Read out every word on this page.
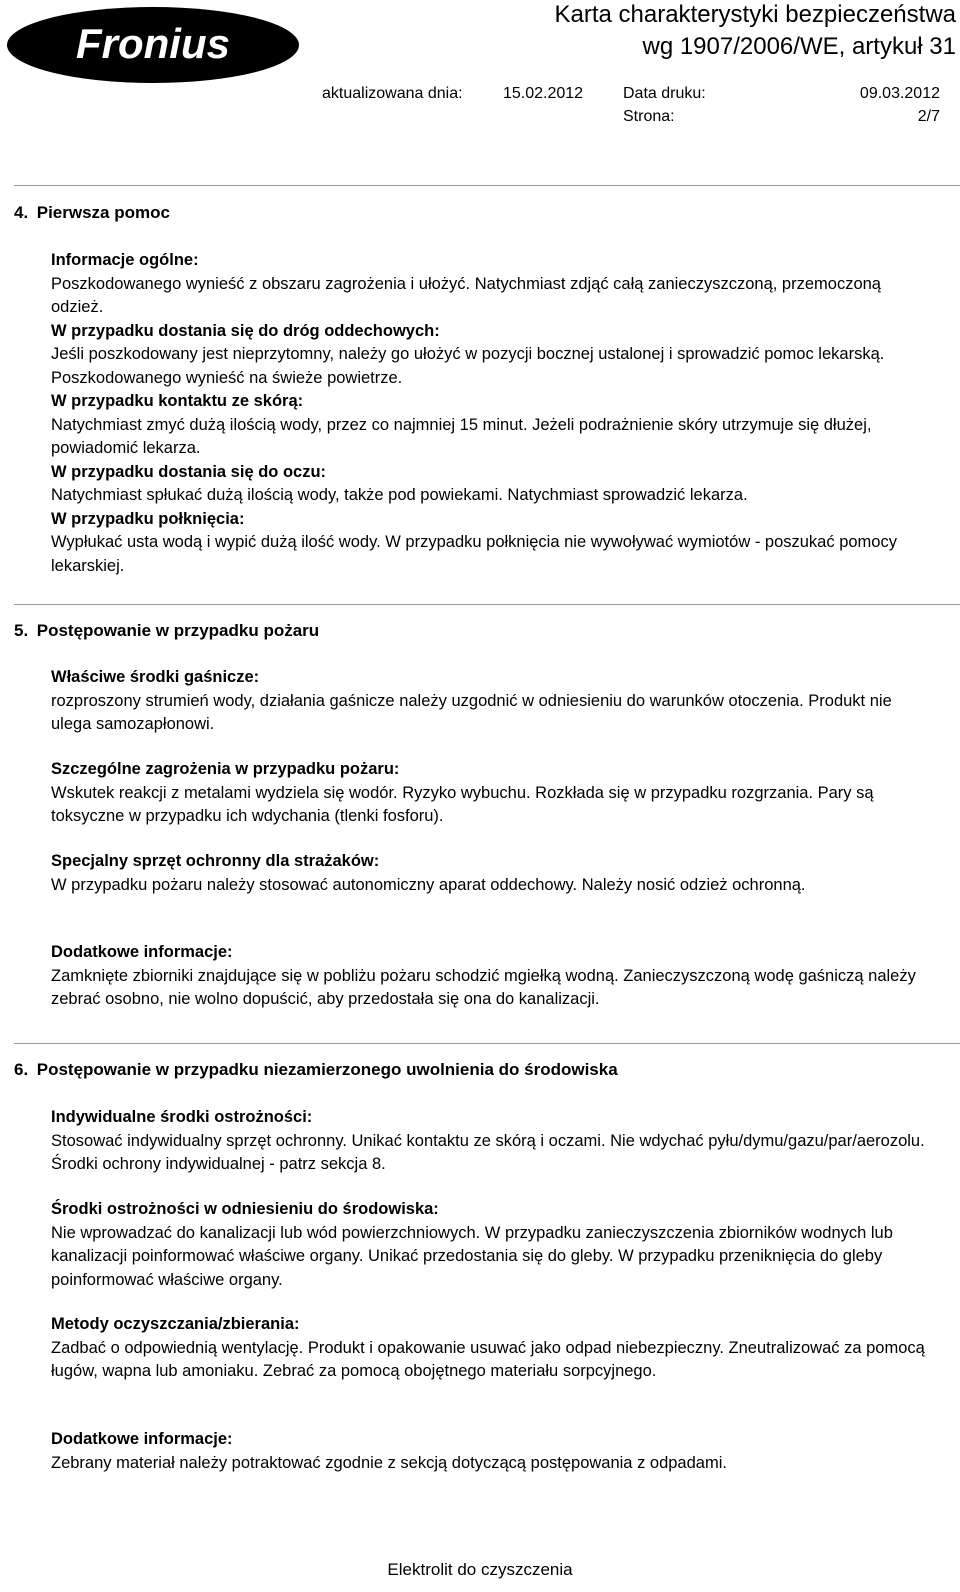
Fronius
Karta charakterystyki bezpieczeństwa
wg 1907/2006/WE, artykuł 31
aktualizowana dnia:	15.02.2012 Data druku:	09.03.2012
Strona:	2/7
4. Pierwsza pomoc

Informacje ogólne:

Poszkodowanego wynieść z obszaru zagrożenia i ułożyć. Natychmiast zdjąć całą zanieczyszczoną, przemoczoną odzież.

W przypadku dostania się do dróg oddechowych:

Jeśli poszkodowany jest nieprzytomny, należy go ułożyć w pozycji bocznej ustalonej i sprowadzić pomoc lekarską. Poszkodowanego wynieść na świeże powietrze.

W przypadku kontaktu ze skórą:

Natychmiast zmyć dużą ilością wody, przez co najmniej 15 minut. Jeżeli podrażnienie skóry utrzymuje się dłużej, powiadomić lekarza.

W przypadku dostania się do oczu:

Natychmiast spłukać dużą ilością wody, także pod powiekami. Natychmiast sprowadzić lekarza.

W przypadku połknięcia:

Wypłukać usta wodą i wypić dużą ilość wody. W przypadku połknięcia nie wywoływać wymiotów - poszukać pomocy lekarskiej.

5. Postępowanie w przypadku pożaru

Właściwe środki gaśnicze:

rozproszony strumień wody, działania gaśnicze należy uzgodnić w odniesieniu do warunków otoczenia. Produkt nie ulega samozapłonowi.

Szczególne zagrożenia w przypadku pożaru:

Wskutek reakcji z metalami wydziela się wodór. Ryzyko wybuchu. Rozkłada się w przypadku rozgrzania. Pary są toksyczne w przypadku ich wdychania (tlenki fosforu).

Specjalny sprzęt ochronny dla strażaków:

W przypadku pożaru należy stosować autonomiczny aparat oddechowy. Należy nosić odzież ochronną.

Dodatkowe informacje:

Zamknięte zbiorniki znajdujące się w pobliżu pożaru schodzić mgiełką wodną. Zanieczyszczoną wodę gaśniczą należy zebrać osobno, nie wolno dopuścić, aby przedostała się ona do kanalizacji.

6. Postępowanie w przypadku niezamierzonego uwolnienia do środowiska

Indywidualne środki ostrożności:

Stosować indywidualny sprzęt ochronny. Unikać kontaktu ze skórą i oczami. Nie wdychać pyłu/dymu/gazu/par/aerozolu. Środki ochrony indywidualnej - patrz sekcja 8.

Środki ostrożności w odniesieniu do środowiska:

Nie wprowadzać do kanalizacji lub wód powierzchniowych. W przypadku zanieczyszczenia zbiorników wodnych lub kanalizacji poinformować właściwe organy. Unikać przedostania się do gleby. W przypadku przeniknięcia do gleby poinformować właściwe organy.

Metody oczyszczania/zbierania:

Zadbać o odpowiednią wentylację. Produkt i opakowanie usuwać jako odpad niebezpieczny. Zneutralizować za pomocą ługów, wapna lub amoniaku. Zebrać za pomocą obojętnego materiału sorpcyjnego.

Dodatkowe informacje:

Zebrany materiał należy potraktować zgodnie z sekcją dotyczącą postępowania z odpadami.

Elektrolit do czyszczenia
